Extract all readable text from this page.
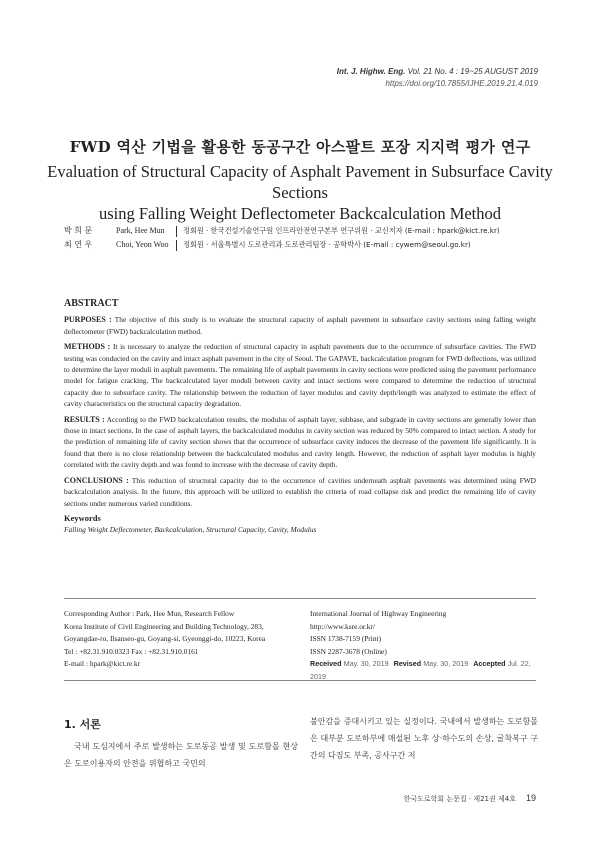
Int. J. Highw. Eng. Vol. 21 No. 4 : 19~25 AUGUST 2019
https://doi.org/10.7855/IJHE.2019.21.4.019
FWD 역산 기법을 활용한 동공구간 아스팔트 포장 지지력 평가 연구
Evaluation of Structural Capacity of Asphalt Pavement in Subsurface Cavity Sections
using Falling Weight Deflectometer Backcalculation Method
박 희 문	Park, Hee Mun	정회원 · 한국건설기술연구원 인프라안전연구본부 연구위원 · 교신저자 (E-mail : hpark@kict.re.kr)
최 연 우	Choi, Yeon Woo	정회원 · 서울특별시 도로관리과 도로관리팀장 · 공학박사 (E-mail : cywem@seoul.go.kr)
ABSTRACT

PURPOSES : The objective of this study is to evaluate the structural capacity of asphalt pavement in subsurface cavity sections using falling weight deflectometer (FWD) backcalculation method.

METHODS : It is necessary to analyze the reduction of structural capacity in asphalt pavements due to the occurrence of subsurface cavities. The FWD testing was conducted on the cavity and intact asphalt pavement in the city of Seoul. The GAPAVE, backcalculation program for FWD deflections, was utilized to determine the layer moduli in asphalt pavements. The remaining life of asphalt pavements in cavity sections were predicted using the pavement performance model for fatigue cracking. The backcalculated layer moduli between cavity and intact sections were compared to determine the reduction of structural capacity due to subsurface cavity. The relationship between the reduction of layer modulus and cavity depth/length was analyzed to estimate the effect of cavity characteristics on the structural capacity degradation.

RESULTS : According to the FWD backcalculation results, the modulus of asphalt layer, subbase, and subgrade in cavity sections are generally lower than those in intact sections. In the case of asphalt layers, the backcalculated modulus in cavity section was reduced by 50% compared to intact section. A study for the prediction of remaining life of cavity section shows that the occurrence of subsurface cavity induces the decrease of the pavement life significantly. It is found that there is no close relationship between the backcalculated modulus and cavity length. However, the reduction of asphalt layer modulus is highly correlated with the cavity depth and was found to increase with the decrease of cavity depth.

CONCLUSIONS : This reduction of structural capacity due to the occurrence of cavities underneath asphalt pavements was determined using FWD backcalculation analysis. In the future, this approach will be utilized to establish the criteria of road collapse risk and predict the remaining life of cavity sections under numerous varied conditions.

Keywords
Falling Weight Deflectometer, Backcalculation, Structural Capacity, Cavity, Modulus
Corresponding Author : Park, Hee Mun, Research Fellow
Korea Institute of Civil Engineering and Building Technology, 283,
Goyangdae-ro, Ilsanseo-gu, Goyang-si, Gyeonggi-do, 10223, Korea
Tel : +82.31.910.0323 Fax : +82.31.910.0161
E-mail : hpark@kict.re.kr
International Journal of Highway Engineering
http://www.ksre.or.kr/
ISSN 1738-7159 (Print)
ISSN 2287-3678 (Online)
Received May. 30, 2019 Revised May. 30, 2019 Accepted Jul. 22, 2019
1. 서론
국내 도심지에서 주로 발생하는 도로동공 발생 및 도로함몰 현상은 도로이용자의 안전을 위협하고 국민의
불안감을 증대시키고 있는 실정이다. 국내에서 발생하는 도로함몰은 대부분 도로하부에 매설된 노후 상·하수도의 손상, 굴착복구 구간의 다짐도 부족, 공사구간 저
한국도로학회 논문집 · 제21권 제4호 19
